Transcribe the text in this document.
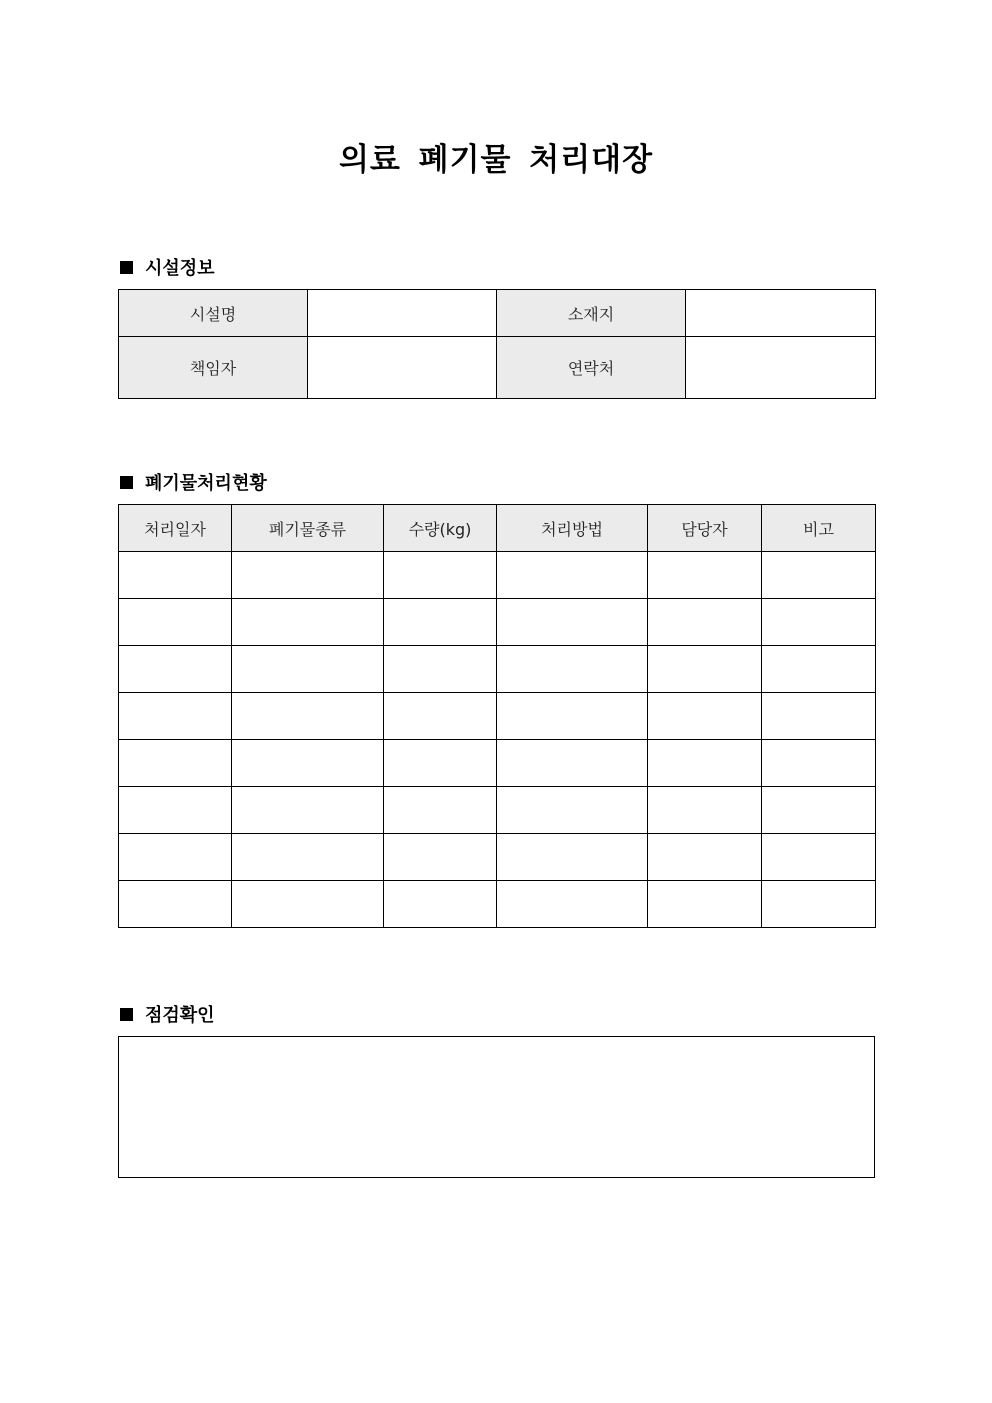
의료 폐기물 처리대장
시설정보
시설명		소재지	
책임자		연락처	
폐기물처리현황
처리일자	폐기물종류	수량(kg)	처리방법	담당자	비고

점검확인
